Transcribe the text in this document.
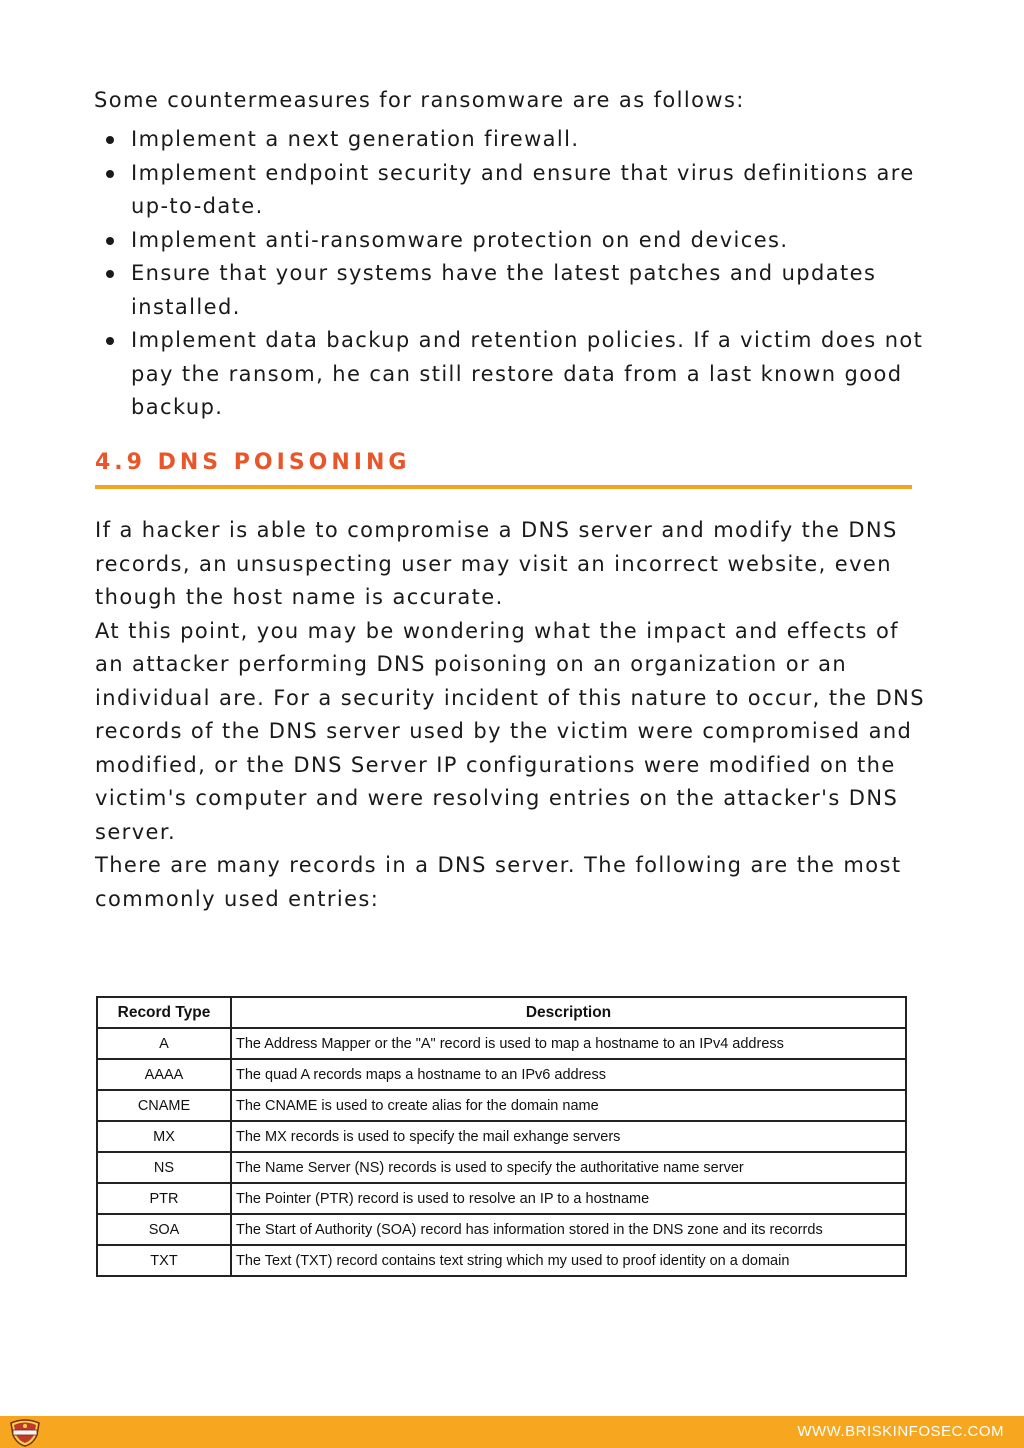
Some countermeasures for ransomware are as follows:

Implement a next generation firewall.
Implement endpoint security and ensure that virus definitions are up-to-date.
Implement anti-ransomware protection on end devices.
Ensure that your systems have the latest patches and updates installed.
Implement data backup and retention policies. If a victim does not pay the ransom, he can still restore data from a last known good backup.
4.9 DNS POISONING
If a hacker is able to compromise a DNS server and modify the DNS records, an unsuspecting user may visit an incorrect website, even though the host name is accurate.
At this point, you may be wondering what the impact and effects of an attacker performing DNS poisoning on an organization or an individual are. For a security incident of this nature to occur, the DNS records of the DNS server used by the victim were compromised and modified, or the DNS Server IP configurations were modified on the victim's computer and were resolving entries on the attacker's DNS server.
There are many records in a DNS server. The following are the most commonly used entries:
Record Type	Description
A	The Address Mapper or the "A" record is used to map a hostname to an IPv4 address
AAAA	The quad A records maps a hostname to an IPv6 address
CNAME	The CNAME is used to create alias for the domain name
MX	The MX records is used to specify the mail exhange servers
NS	The Name Server (NS) records is used to specify the authoritative name server
PTR	The Pointer (PTR) record is used to resolve an IP to a hostname
SOA	The Start of Authority (SOA) record has information stored in the DNS zone and its recorrds
TXT	The Text (TXT) record contains text string which my used to proof identity on a domain
WWW.BRISKINFOSEC.COM
